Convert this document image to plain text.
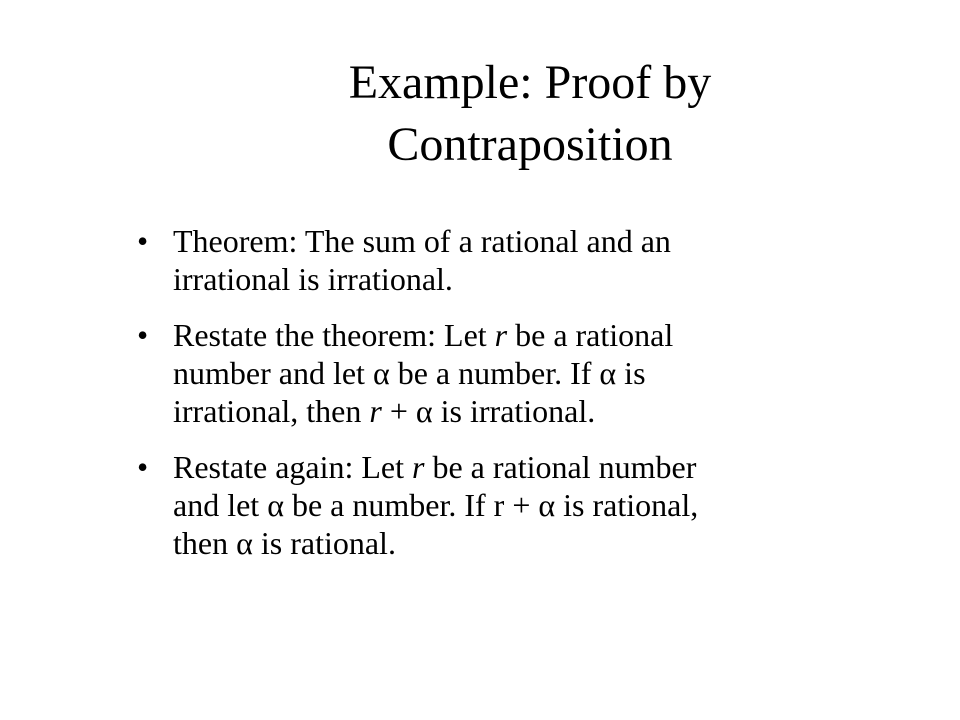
Example: Proof by
Contraposition
• Theorem: The sum of a rational and an
irrational is irrational.
• Restate the theorem: Let r be a rational
number and let α be a number. If α is
irrational, then r + α is irrational.
• Restate again: Let r be a rational number
and let α be a number. If r + α is rational,
then α is rational.
